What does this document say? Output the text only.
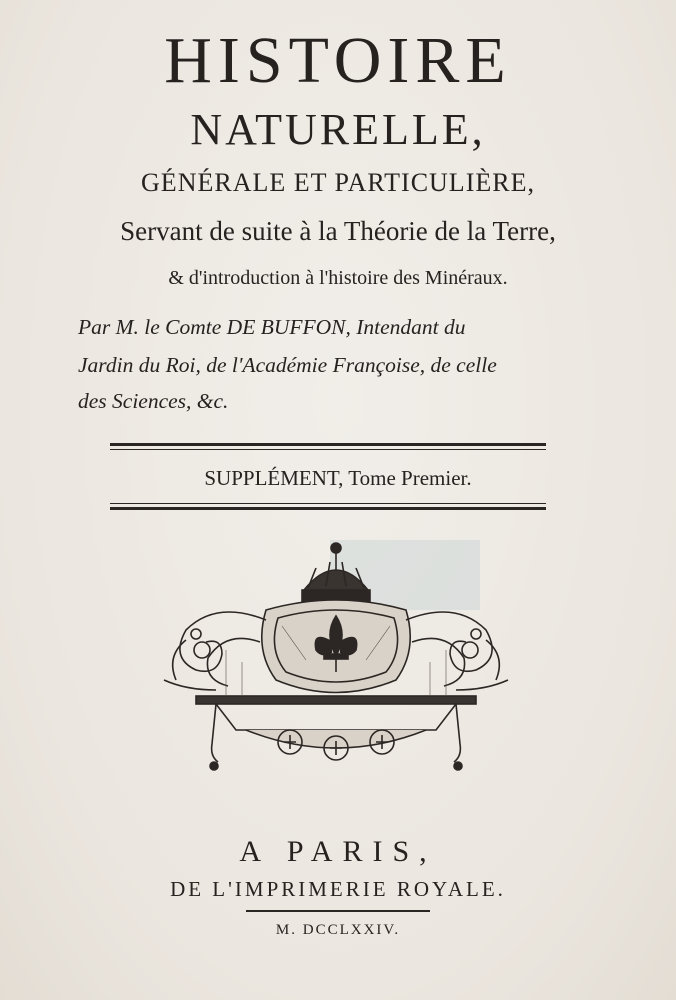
HISTOIRE
NATURELLE,
GÉNÉRALE ET PARTICULIÈRE,
Servant de suite à la Théorie de la Terre,
& d'introduction à l'histoire des Minéraux.
Par M. le Comte DE BUFFON, Intendant du
Jardin du Roi, de l'Académie Françoise, de celle
des Sciences, &c.
SUPPLÉMENT, Tome Premier.
A PARIS,
DE L'IMPRIMERIE ROYALE.
M. DCCLXXIV.
